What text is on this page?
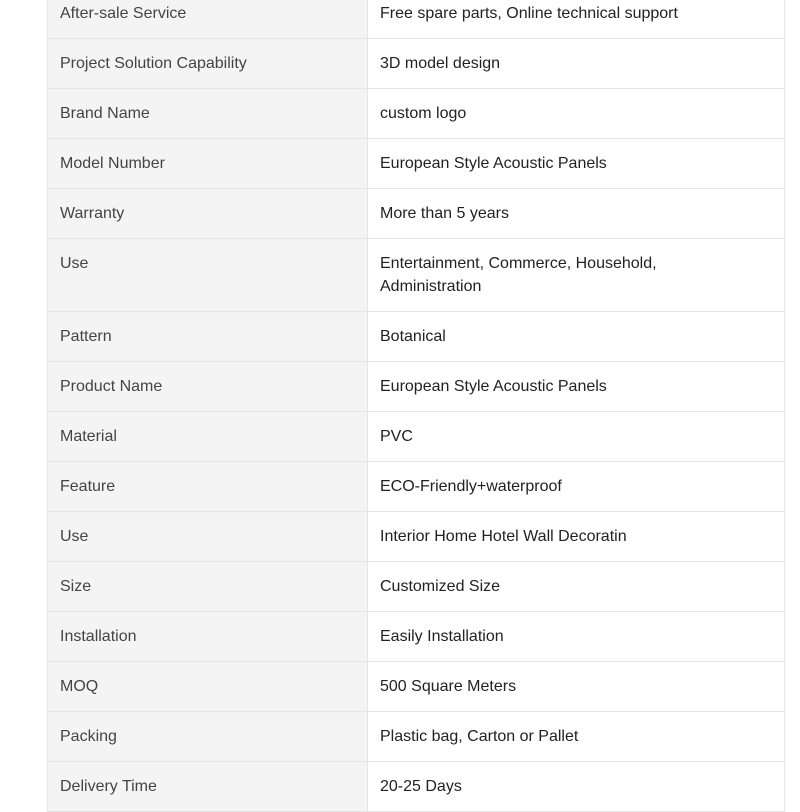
After-sale Service	Free spare parts, Online technical support
Project Solution Capability	3D model design
Brand Name	custom logo
Model Number	European Style Acoustic Panels
Warranty	More than 5 years
Use	Entertainment, Commerce, Household, Administration
Pattern	Botanical
Product Name	European Style Acoustic Panels
Material	PVC
Feature	ECO-Friendly+waterproof
Use	Interior Home Hotel Wall Decoratin
Size	Customized Size
Installation	Easily Installation
MOQ	500 Square Meters
Packing	Plastic bag, Carton or Pallet
Delivery Time	20-25 Days
